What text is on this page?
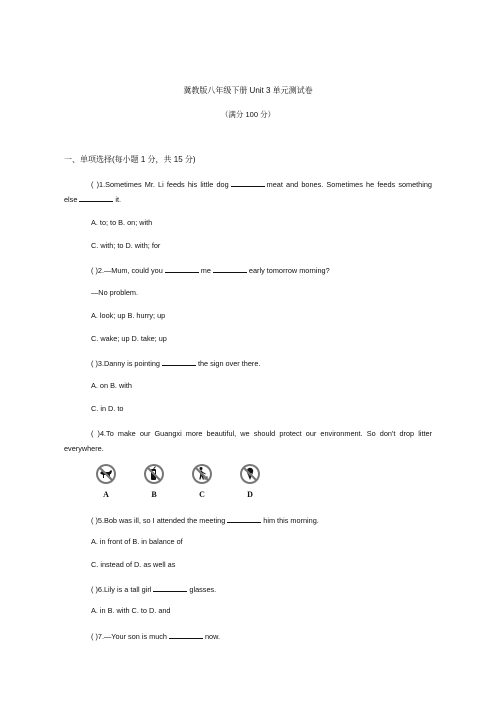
冀教版八年级下册 Unit 3 单元测试卷
（满分 100 分）
一、单项选择(每小题 1 分，共 15 分)
( )1.Sometimes Mr. Li feeds his little dog	meat and bones. Sometimes he feeds something else	it.
A. to; to B. on; with
C. with; to D. with; for
( )2.—Mum, could you	me	early tomorrow morning?
—No problem.
A. look; up B. hurry; up
C. wake; up D. take; up
( )3.Danny is pointing	the sign over there.
A. on B. with
C. in D. to
( )4.To make our Guangxi more beautiful, we should protect our environment. So don't drop litter everywhere.
A	B	C	D
( )5.Bob was ill, so I attended the meeting	him this morning.
A. in front of B. in balance of
C. instead of D. as well as
( )6.Lily is a tall girl	glasses.
A. in B. with C. to D. and
( )7.—Your son is much	now.
